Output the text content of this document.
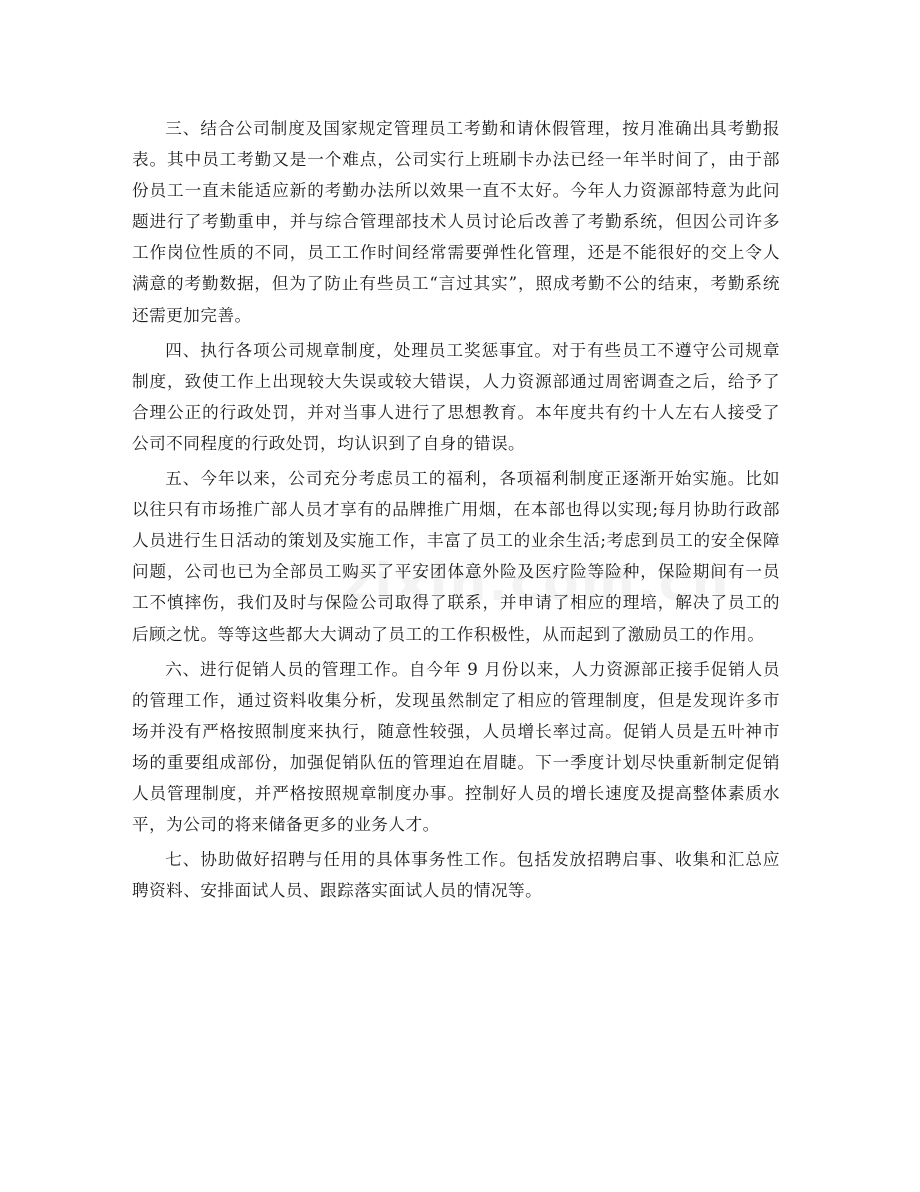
三、结合公司制度及国家规定管理员工考勤和请休假管理，按月准确出具考勤报表。其中员工考勤又是一个难点，公司实行上班刷卡办法已经一年半时间了，由于部份员工一直未能适应新的考勤办法所以效果一直不太好。今年人力资源部特意为此问题进行了考勤重申，并与综合管理部技术人员讨论后改善了考勤系统，但因公司许多工作岗位性质的不同，员工工作时间经常需要弹性化管理，还是不能很好的交上令人满意的考勤数据，但为了防止有些员工“言过其实”，照成考勤不公的结束，考勤系统还需更加完善。

四、执行各项公司规章制度，处理员工奖惩事宜。对于有些员工不遵守公司规章制度，致使工作上出现较大失误或较大错误，人力资源部通过周密调查之后，给予了合理公正的行政处罚，并对当事人进行了思想教育。本年度共有约十人左右人接受了公司不同程度的行政处罚，均认识到了自身的错误。

五、今年以来，公司充分考虑员工的福利，各项福利制度正逐渐开始实施。比如以往只有市场推广部人员才享有的品牌推广用烟，在本部也得以实现;每月协助行政部人员进行生日活动的策划及实施工作，丰富了员工的业余生活;考虑到员工的安全保障问题，公司也已为全部员工购买了平安团体意外险及医疗险等险种，保险期间有一员工不慎摔伤，我们及时与保险公司取得了联系，并申请了相应的理培，解决了员工的后顾之忧。等等这些都大大调动了员工的工作积极性，从而起到了激励员工的作用。

六、进行促销人员的管理工作。自今年 9 月份以来，人力资源部正接手促销人员的管理工作，通过资料收集分析，发现虽然制定了相应的管理制度，但是发现许多市场并没有严格按照制度来执行，随意性较强，人员增长率过高。促销人员是五叶神市场的重要组成部份，加强促销队伍的管理迫在眉睫。下一季度计划尽快重新制定促销人员管理制度，并严格按照规章制度办事。控制好人员的增长速度及提高整体素质水平，为公司的将来储备更多的业务人才。

七、协助做好招聘与任用的具体事务性工作。包括发放招聘启事、收集和汇总应聘资料、安排面试人员、跟踪落实面试人员的情况等。
